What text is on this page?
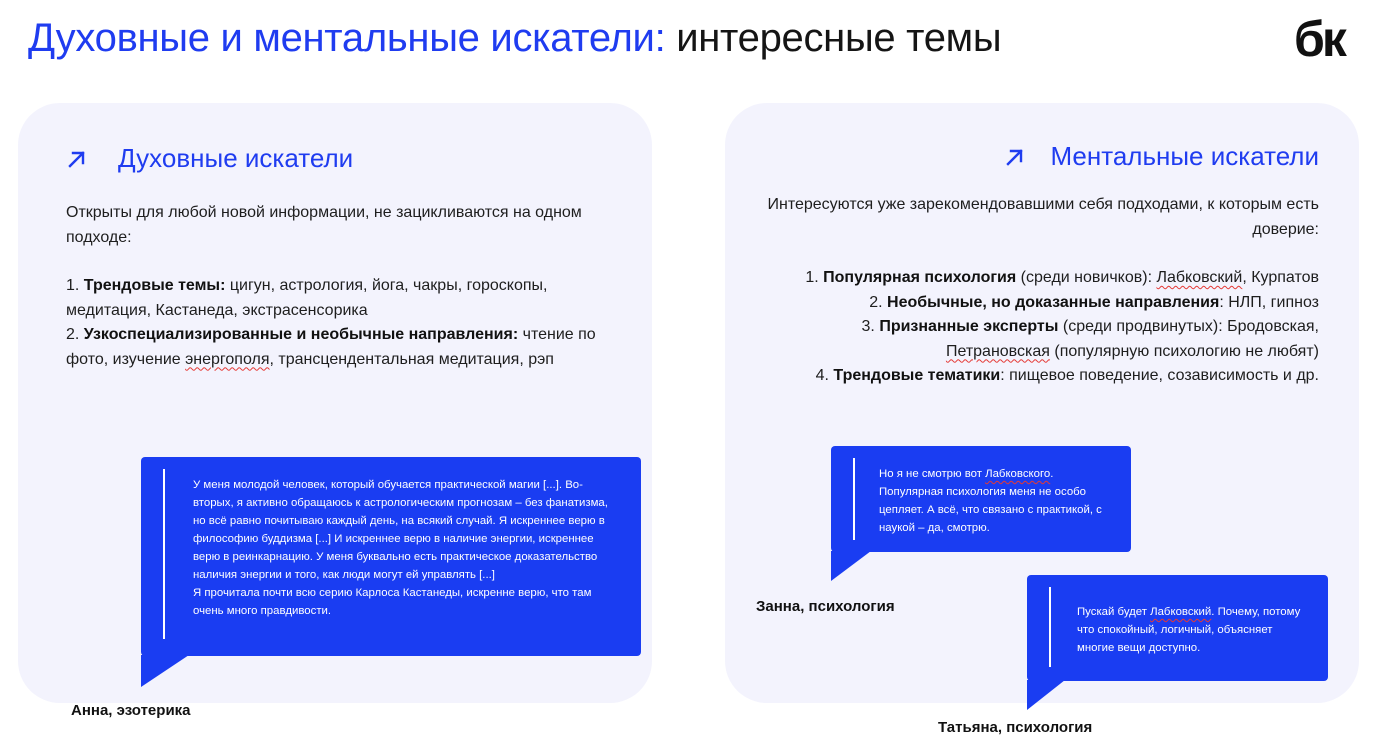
Духовные и ментальные искатели: интересные темы	бк
Духовные искатели

Открыты для любой новой информации, не зацикливаются на одном подходе:

1. Трендовые темы: цигун, астрология, йога, чакры, гороскопы, медитация, Кастанеда, экстрасенсорика

2. Узкоспециализированные и необычные направления: чтение по фото, изучение энергополя, трансцендентальная медитация, рэп

У меня молодой человек, который обучается практической магии [...]. Во-вторых, я активно обращаюсь к астрологическим прогнозам – без фанатизма, но всё равно почитываю каждый день, на всякий случай. Я искреннее верю в философию буддизма [...] И искреннее верю в наличие энергии, искреннее верю в реинкарнацию. У меня буквально есть практическое доказательство наличия энергии и того, как люди могут ей управлять [...]

Я прочитала почти всю серию Карлоса Кастанеды, искренне верю, что там очень много правдивости.

Анна, эзотерика
Ментальные искатели

Интересуются уже зарекомендовавшими себя подходами, к которым есть доверие:

1. Популярная психология (среди новичков): Лабковский, Курпатов

2. Необычные, но доказанные направления: НЛП, гипноз

3. Признанные эксперты (среди продвинутых): Бродовская, Петрановская (популярную психологию не любят)

4. Трендовые тематики: пищевое поведение, созависимость и др.

Но я не смотрю вот Лабковского. Популярная психология меня не особо цепляет. А всё, что связано с практикой, с наукой – да, смотрю.

Занна, психология	Пускай будет Лабковский. Почему, потому что спокойный, логичный, объясняет многие вещи доступно.

Татьяна, психология
